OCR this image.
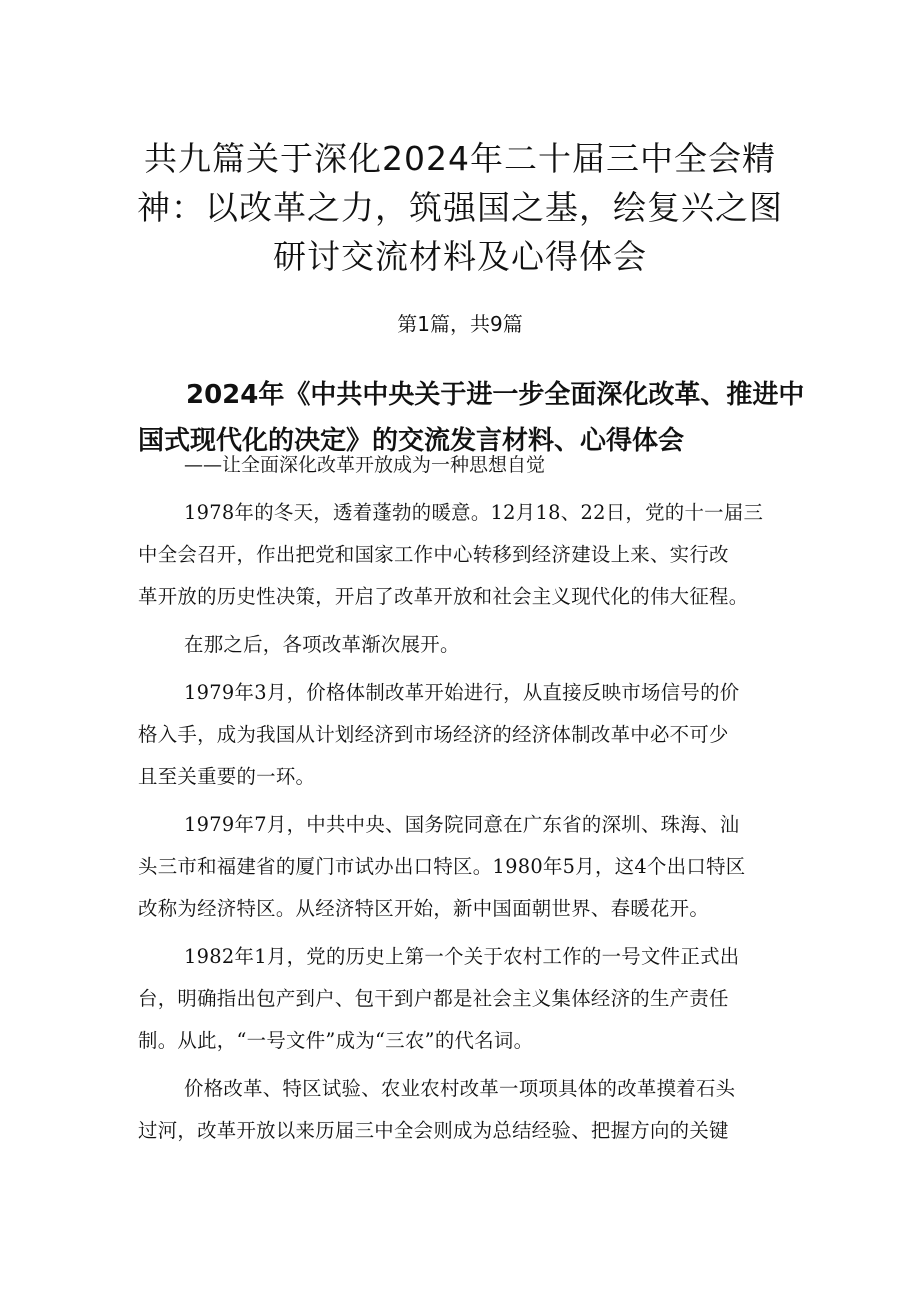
共九篇关于深化2024年二十届三中全会精
神：以改革之力，筑强国之基，绘复兴之图
研讨交流材料及心得体会
第1篇，共9篇
2024年《中共中央关于进一步全面深化改革、推进中
国式现代化的决定》的交流发言材料、心得体会
——让全面深化改革开放成为一种思想自觉

1978年的冬天，透着蓬勃的暖意。12月18、22日，党的十一届三
中全会召开，作出把党和国家工作中心转移到经济建设上来、实行改
革开放的历史性决策，开启了改革开放和社会主义现代化的伟大征程。

在那之后，各项改革渐次展开。

1979年3月，价格体制改革开始进行，从直接反映市场信号的价
格入手，成为我国从计划经济到市场经济的经济体制改革中必不可少
且至关重要的一环。

1979年7月，中共中央、国务院同意在广东省的深圳、珠海、汕
头三市和福建省的厦门市试办出口特区。1980年5月，这4个出口特区
改称为经济特区。从经济特区开始，新中国面朝世界、春暖花开。

1982年1月，党的历史上第一个关于农村工作的一号文件正式出
台，明确指出包产到户、包干到户都是社会主义集体经济的生产责任
制。从此，“一号文件”成为“三农”的代名词。

价格改革、特区试验、农业农村改革一项项具体的改革摸着石头
过河，改革开放以来历届三中全会则成为总结经验、把握方向的关键
